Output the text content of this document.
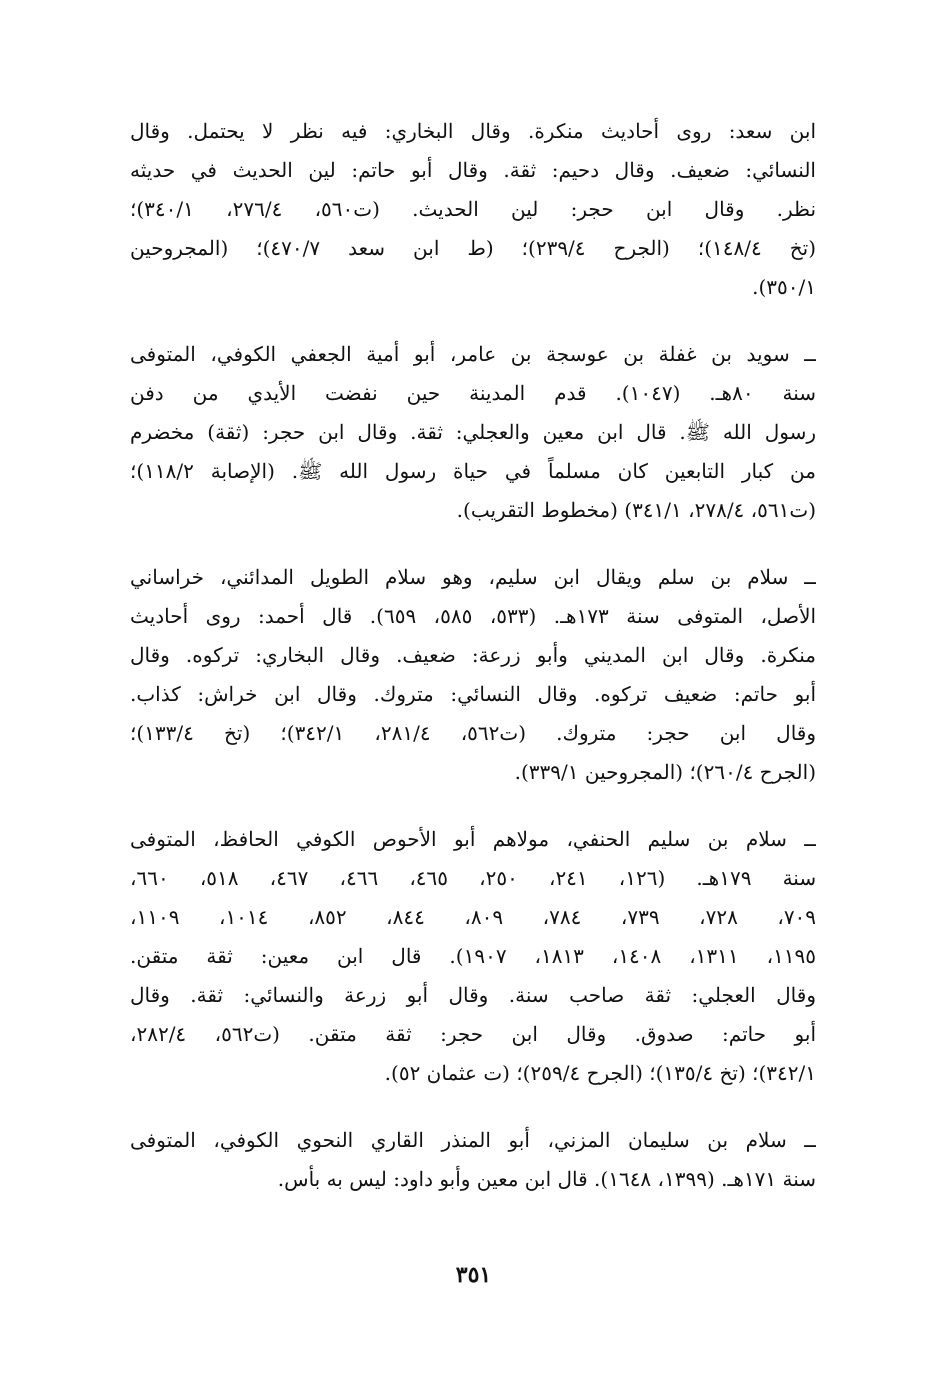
ابن سعد: روى أحاديث منكرة. وقال البخاري: فيه نظر لا يحتمل. وقال
النسائي: ضعيف. وقال دحيم: ثقة. وقال أبو حاتم: لين الحديث في حديثه
نظر. وقال ابن حجر: لين الحديث. (ت٥٦٠، ٢٧٦/٤، ٣٤٠/١)؛
(تخ ١٤٨/٤)؛ (الجرح ٢٣٩/٤)؛ (ط ابن سعد ٤٧٠/٧)؛ (المجروحين
٣٥٠/١).
ــ سويد بن غفلة بن عوسجة بن عامر، أبو أمية الجعفي الكوفي، المتوفى
سنة ٨٠هـ. (١٠٤٧). قدم المدينة حين نفضت الأيدي من دفن
رسول الله ﷺ. قال ابن معين والعجلي: ثقة. وقال ابن حجر: (ثقة) مخضرم
من كبار التابعين كان مسلماً في حياة رسول الله ﷺ. (الإصابة ١١٨/٢)؛
(ت٥٦١، ٢٧٨/٤، ٣٤١/١) (مخطوط التقريب).
ــ سلام بن سلم ويقال ابن سليم، وهو سلام الطويل المدائني، خراساني
الأصل، المتوفى سنة ١٧٣هـ. (٥٣٣، ٥٨٥، ٦٥٩). قال أحمد: روى أحاديث
منكرة. وقال ابن المديني وأبو زرعة: ضعيف. وقال البخاري: تركوه. وقال
أبو حاتم: ضعيف تركوه. وقال النسائي: متروك. وقال ابن خراش: كذاب.
وقال ابن حجر: متروك. (ت٥٦٢، ٢٨١/٤، ٣٤٢/١)؛ (تخ ١٣٣/٤)؛
(الجرح ٢٦٠/٤)؛ (المجروحين ٣٣٩/١).
ــ سلام بن سليم الحنفي، مولاهم أبو الأحوص الكوفي الحافظ، المتوفى
سنة ١٧٩هـ. (١٢٦، ٢٤١، ٢٥٠، ٤٦٥، ٤٦٦، ٤٦٧، ٥١٨، ٦٦٠،
٧٠٩، ٧٢٨، ٧٣٩، ٧٨٤، ٨٠٩، ٨٤٤، ٨٥٢، ١٠١٤، ١١٠٩،
١١٩٥، ١٣١١، ١٤٠٨، ١٨١٣، ١٩٠٧). قال ابن معين: ثقة متقن.
وقال العجلي: ثقة صاحب سنة. وقال أبو زرعة والنسائي: ثقة. وقال
أبو حاتم: صدوق. وقال ابن حجر: ثقة متقن. (ت٥٦٢، ٢٨٢/٤،
٣٤٢/١)؛ (تخ ١٣٥/٤)؛ (الجرح ٢٥٩/٤)؛ (ت عثمان ٥٢).
ــ سلام بن سليمان المزني، أبو المنذر القاري النحوي الكوفي، المتوفى
سنة ١٧١هـ. (١٣٩٩، ١٦٤٨). قال ابن معين وأبو داود: ليس به بأس.
٣٥١
